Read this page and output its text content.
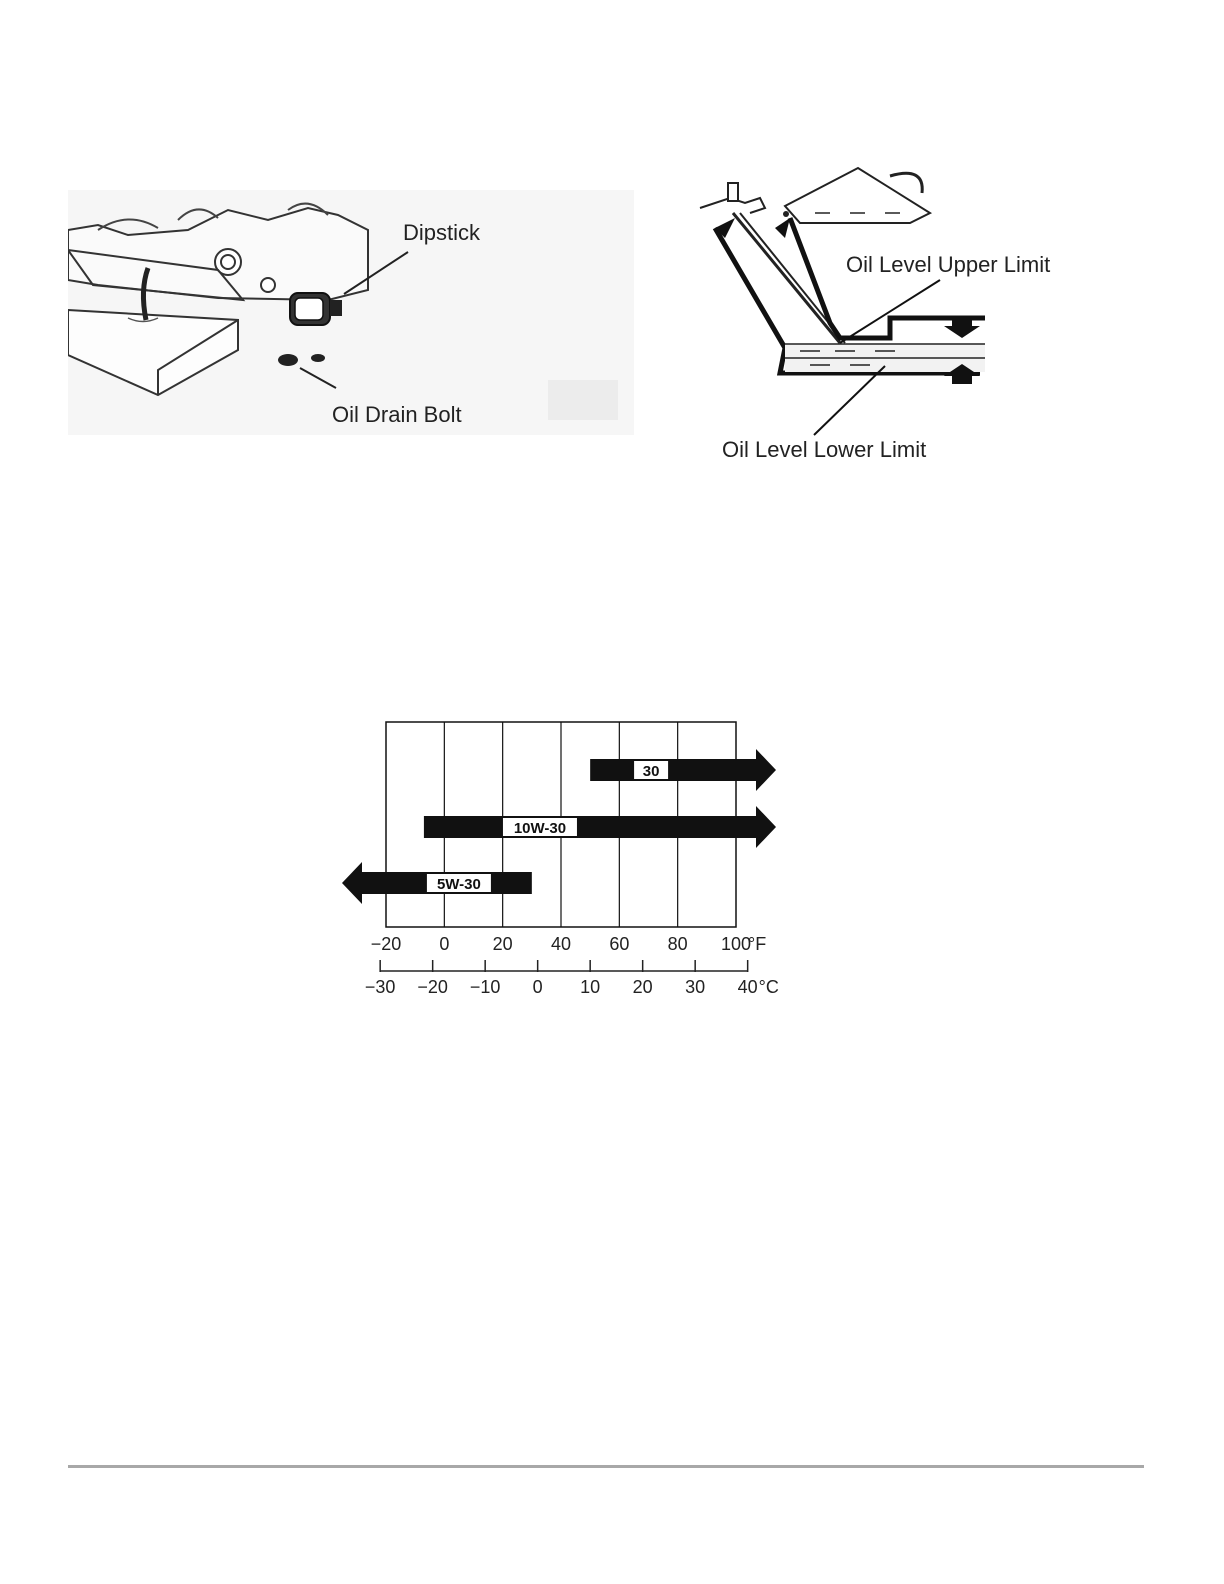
Dipstick
Oil Drain Bolt
Oil Level Upper Limit
Oil Level Lower Limit
30
10W-30
5W-30
−20 0 20 40 60 80 100
°F
−30 −20 −10 0 10 20 30 40 °C
